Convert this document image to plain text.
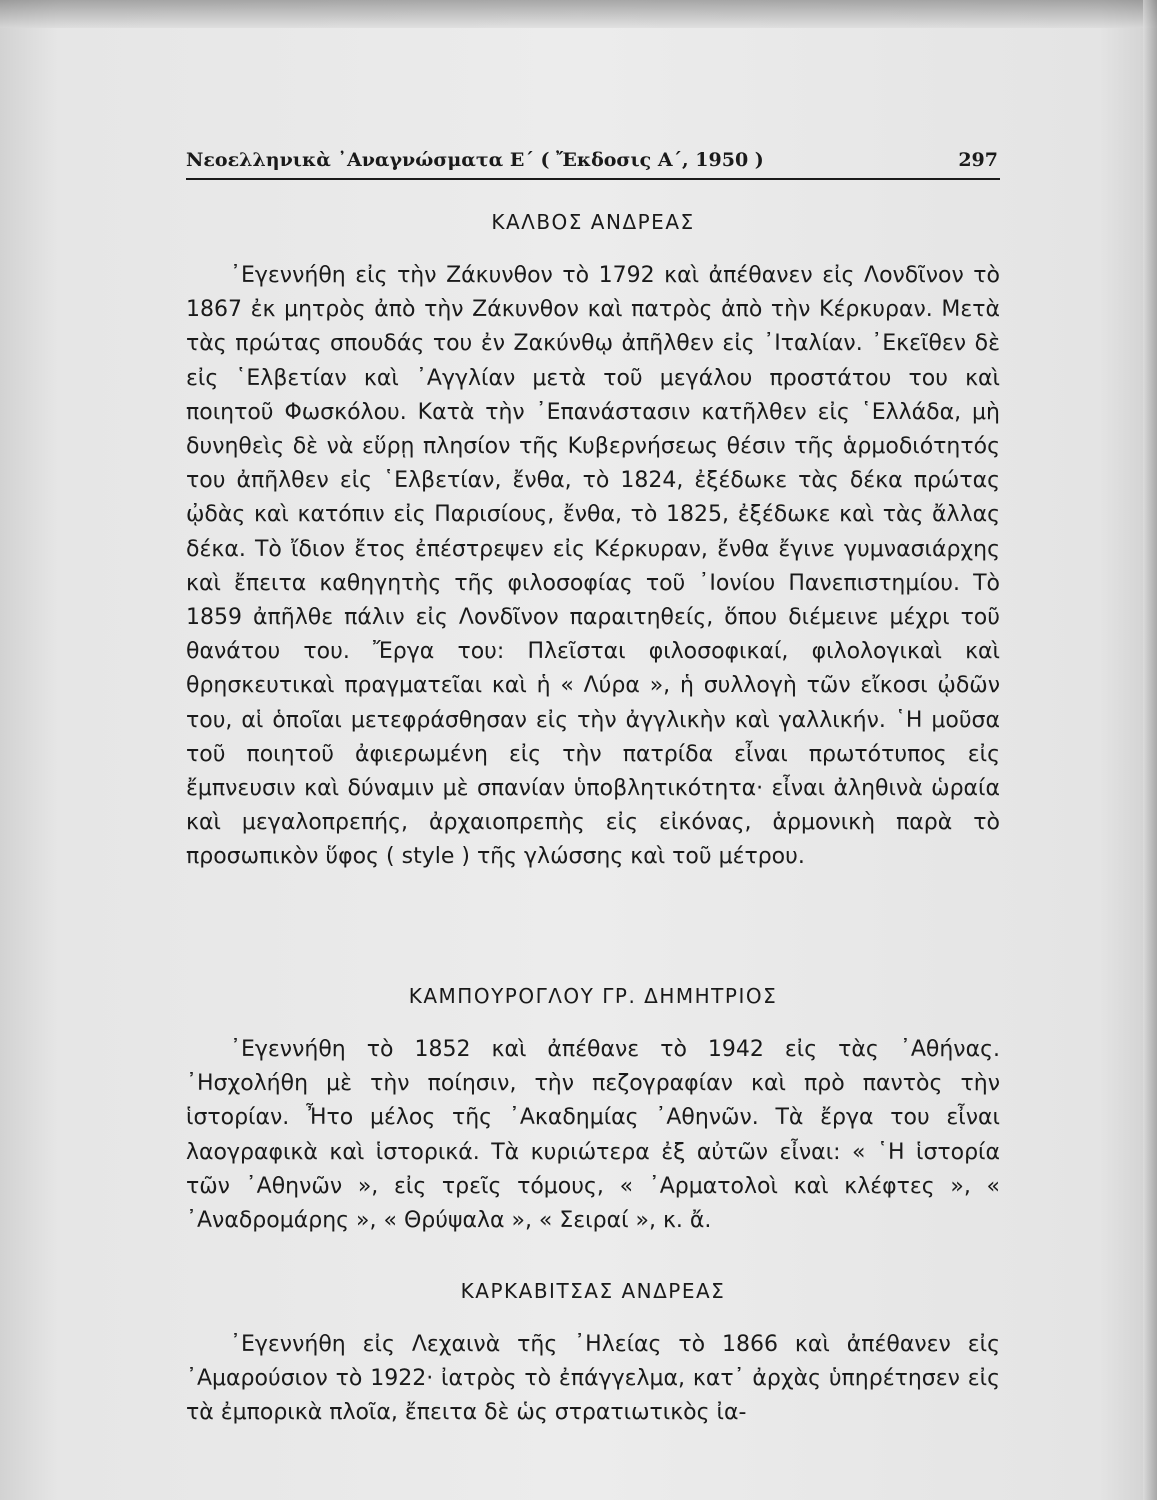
Νεοελληνικὰ ᾿Αναγνώσματα Ε΄ ( Ἔκδοσις Α΄, 1950 )	297
ΚΑΛΒΟΣ ΑΝΔΡΕΑΣ

᾿Εγεννήθη εἰς τὴν Ζάκυνθον τὸ 1792 καὶ ἀπέθανεν εἰς Λονδῖνον τὸ 1867 ἐκ μητρὸς ἀπὸ τὴν Ζάκυνθον καὶ πατρὸς ἀπὸ τὴν Κέρκυραν. Μετὰ τὰς πρώτας σπουδάς του ἐν Ζακύνθῳ ἀπῆλθεν εἰς ᾿Ιταλίαν. ᾿Εκεῖθεν δὲ εἰς ῾Ελβετίαν καὶ ᾿Αγγλίαν μετὰ τοῦ μεγάλου προστάτου του καὶ ποιητοῦ Φωσκόλου. Κατὰ τὴν ᾿Επανάστασιν κατῆλθεν εἰς ῾Ελλάδα, μὴ δυνηθεὶς δὲ νὰ εὕρῃ πλησίον τῆς Κυβερνήσεως θέσιν τῆς ἁρμοδιότητός του ἀπῆλθεν εἰς ῾Ελβετίαν, ἔνθα, τὸ 1824, ἐξέδωκε τὰς δέκα πρώτας ᾠδὰς καὶ κατόπιν εἰς Παρισίους, ἔνθα, τὸ 1825, ἐξέδωκε καὶ τὰς ἄλλας δέκα. Τὸ ἴδιον ἔτος ἐπέστρεψεν εἰς Κέρκυραν, ἔνθα ἔγινε γυμνασιάρχης καὶ ἔπειτα καθηγητὴς τῆς φιλοσοφίας τοῦ ᾿Ιονίου Πανεπιστημίου. Τὸ 1859 ἀπῆλθε πάλιν εἰς Λονδῖνον παραιτηθείς, ὅπου διέμεινε μέχρι τοῦ θανάτου του. Ἔργα του: Πλεῖσται φιλοσοφικαί, φιλολογικαὶ καὶ θρησκευτικαὶ πραγματεῖαι καὶ ἡ « Λύρα », ἡ συλλογὴ τῶν εἴκοσι ᾠδῶν του, αἱ ὁποῖαι μετεφράσθησαν εἰς τὴν ἀγγλικὴν καὶ γαλλικήν. ῾Η μοῦσα τοῦ ποιητοῦ ἀφιερωμένη εἰς τὴν πατρίδα εἶναι πρωτότυπος εἰς ἔμπνευσιν καὶ δύναμιν μὲ σπανίαν ὑποβλητικότητα· εἶναι ἀληθινὰ ὡραία καὶ μεγαλοπρεπής, ἀρχαιοπρεπὴς εἰς εἰκόνας, ἁρμονικὴ παρὰ τὸ προσωπικὸν ὕφος ( style ) τῆς γλώσσης καὶ τοῦ μέτρου.

ΚΑΜΠΟΥΡΟΓΛΟΥ ΓΡ. ΔΗΜΗΤΡΙΟΣ

᾿Εγεννήθη τὸ 1852 καὶ ἀπέθανε τὸ 1942 εἰς τὰς ᾿Αθήνας. ᾿Ησχολήθη μὲ τὴν ποίησιν, τὴν πεζογραφίαν καὶ πρὸ παντὸς τὴν ἱστορίαν. Ἦτο μέλος τῆς ᾿Ακαδημίας ᾿Αθηνῶν. Τὰ ἔργα του εἶναι λαογραφικὰ καὶ ἱστορικά. Τὰ κυριώτερα ἐξ αὐτῶν εἶναι: « ῾Η ἱστορία τῶν ᾿Αθηνῶν », εἰς τρεῖς τόμους, « ᾿Αρματολοὶ καὶ κλέφτες », « ᾿Αναδρομάρης », « Θρύψαλα », « Σειραί », κ. ἄ.

ΚΑΡΚΑΒΙΤΣΑΣ ΑΝΔΡΕΑΣ

᾿Εγεννήθη εἰς Λεχαινὰ τῆς ᾿Ηλείας τὸ 1866 καὶ ἀπέθανεν εἰς ᾿Αμαρούσιον τὸ 1922· ἰατρὸς τὸ ἐπάγγελμα, κατ᾿ ἀρχὰς ὑπηρέτησεν εἰς τὰ ἐμπορικὰ πλοῖα, ἔπειτα δὲ ὡς στρατιωτικὸς ἰα-
